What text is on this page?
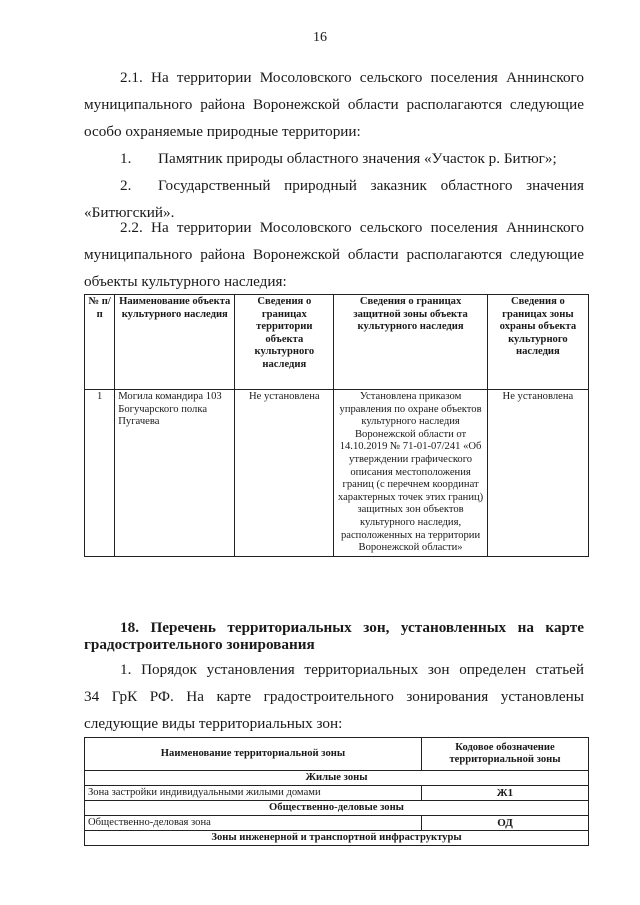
16
2.1. На территории Мосоловского сельского поселения Аннинского
муниципального района Воронежской области располагаются следующие
особо охраняемые природные территории:
1. Памятник природы областного значения «Участок р. Битюг»;
2. Государственный природный заказник областного значения
«Битюгский».
2.2. На территории Мосоловского сельского поселения Аннинского
муниципального района Воронежской области располагаются следующие
объекты культурного наследия:
№ п/п	Наименование объекта культурного наследия	Сведения о границах территории объекта культурного наследия	Сведения о границах защитной зоны объекта культурного наследия	Сведения о границах зоны охраны объекта культурного наследия
1	Могила командира 103 Богучарского полка Пугачева	Не установлена	Установлена приказом управления по охране объектов культурного наследия Воронежской области от 14.10.2019 № 71-01-07/241 «Об утверждении графического описания местоположения границ (с перечнем координат характерных точек этих границ) защитных зон объектов культурного наследия, расположенных на территории Воронежской области»	Не установлена
18. Перечень территориальных зон, установленных на карте
градостроительного зонирования
1. Порядок установления территориальных зон определен статьей
34 ГрК РФ. На карте градостроительного зонирования установлены
следующие виды территориальных зон:
Наименование территориальной зоны	Кодовое обозначение территориальной зоны
Жилые зоны	
Зона застройки индивидуальными жилыми домами	Ж1
Общественно-деловые зоны	
Общественно-деловая зона	ОД
Зоны инженерной и транспортной инфраструктуры	
